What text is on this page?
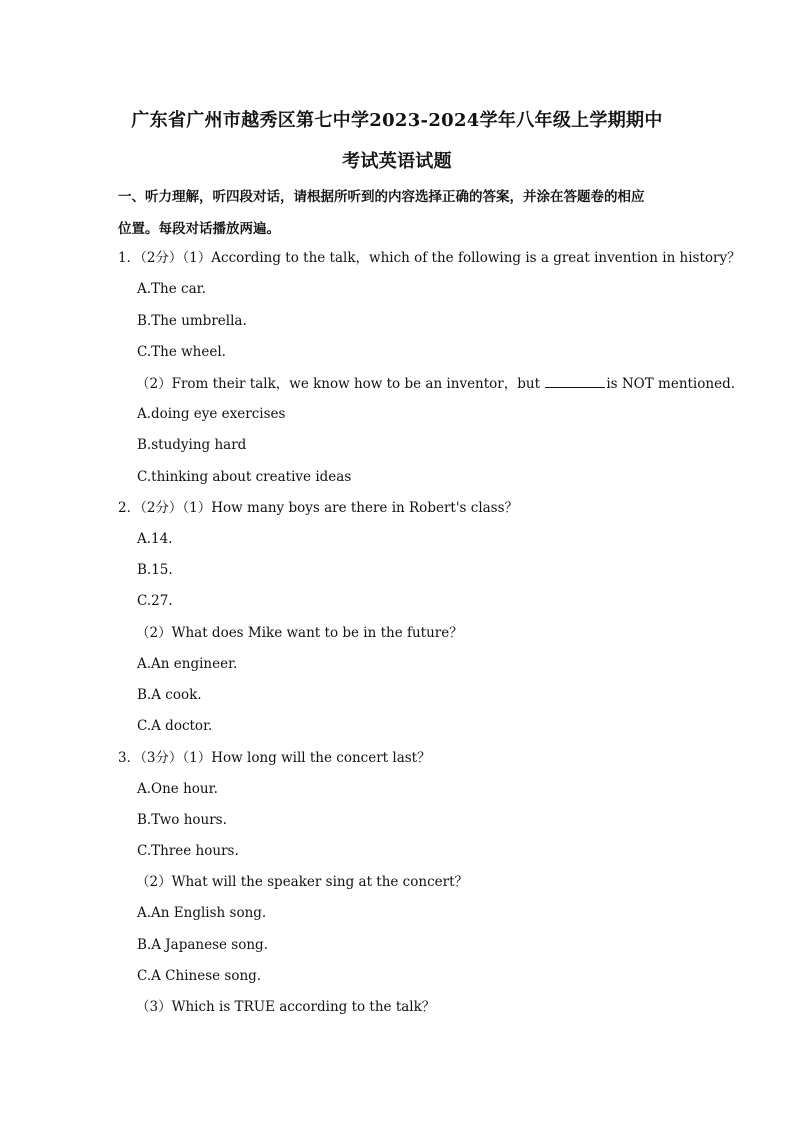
广东省广州市越秀区第七中学2023-2024学年八年级上学期期中
考试英语试题
一、听力理解，听四段对话，请根据所听到的内容选择正确的答案，并涂在答题卷的相应
位置。每段对话播放两遍。
1．（2分）（1）According to the talk，which of the following is a great invention in history？
A.The car.
B.The umbrella.
C.The wheel.
（2）From their talk，we know how to be an inventor，but	is NOT mentioned.
A.doing eye exercises
B.studying hard
C.thinking about creative ideas
2．（2分）（1）How many boys are there in Robert's class？
A.14.
B.15.
C.27.
（2）What does Mike want to be in the future？
A.An engineer.
B.A cook.
C.A doctor.
3．（3分）（1）How long will the concert last？
A.One hour.
B.Two hours.
C.Three hours.
（2）What will the speaker sing at the concert？
A.An English song.
B.A Japanese song.
C.A Chinese song.
（3）Which is TRUE according to the talk？
